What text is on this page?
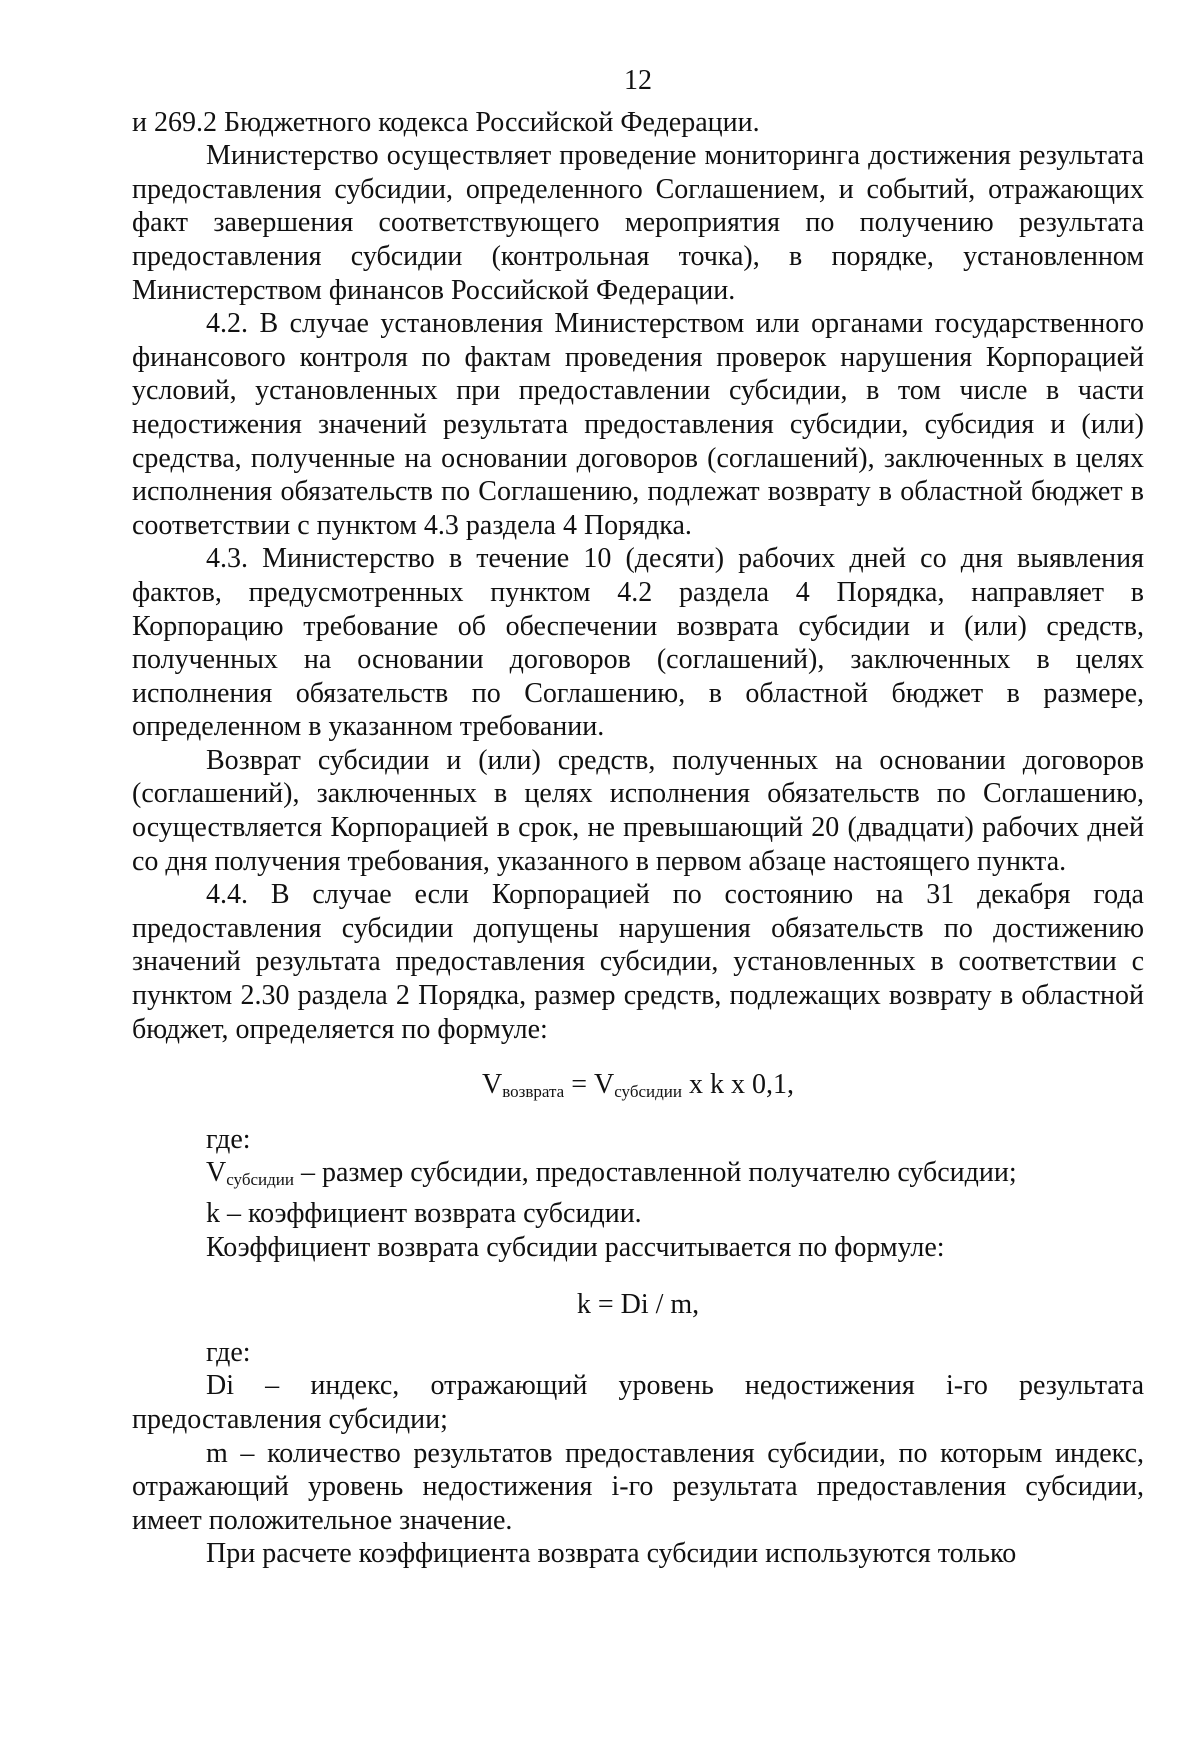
12

и 269.2 Бюджетного кодекса Российской Федерации.

Министерство осуществляет проведение мониторинга достижения результата предоставления субсидии, определенного Соглашением, и событий, отражающих факт завершения соответствующего мероприятия по получению результата предоставления субсидии (контрольная точка), в порядке, установленном Министерством финансов Российской Федерации.

4.2. В случае установления Министерством или органами государственного финансового контроля по фактам проведения проверок нарушения Корпорацией условий, установленных при предоставлении субсидии, в том числе в части недостижения значений результата предоставления субсидии, субсидия и (или) средства, полученные на основании договоров (соглашений), заключенных в целях исполнения обязательств по Соглашению, подлежат возврату в областной бюджет в соответствии с пунктом 4.3 раздела 4 Порядка.

4.3. Министерство в течение 10 (десяти) рабочих дней со дня выявления фактов, предусмотренных пунктом 4.2 раздела 4 Порядка, направляет в Корпорацию требование об обеспечении возврата субсидии и (или) средств, полученных на основании договоров (соглашений), заключенных в целях исполнения обязательств по Соглашению, в областной бюджет в размере, определенном в указанном требовании.

Возврат субсидии и (или) средств, полученных на основании договоров (соглашений), заключенных в целях исполнения обязательств по Соглашению, осуществляется Корпорацией в срок, не превышающий 20 (двадцати) рабочих дней со дня получения требования, указанного в первом абзаце настоящего пункта.

4.4. В случае если Корпорацией по состоянию на 31 декабря года предоставления субсидии допущены нарушения обязательств по достижению значений результата предоставления субсидии, установленных в соответствии с пунктом 2.30 раздела 2 Порядка, размер средств, подлежащих возврату в областной бюджет, определяется по формуле:

$V_{возврата} = V_{субсидии}$ x k x 0,1,

где:

$V_{субсидии}$ – размер субсидии, предоставленной получателю субсидии;

k – коэффициент возврата субсидии.

Коэффициент возврата субсидии рассчитывается по формуле:

k = Di / m,

где:

Di – индекс, отражающий уровень недостижения i-го результата предоставления субсидии;

m – количество результатов предоставления субсидии, по которым индекс, отражающий уровень недостижения i-го результата предоставления субсидии, имеет положительное значение.

При расчете коэффициента возврата субсидии используются только
